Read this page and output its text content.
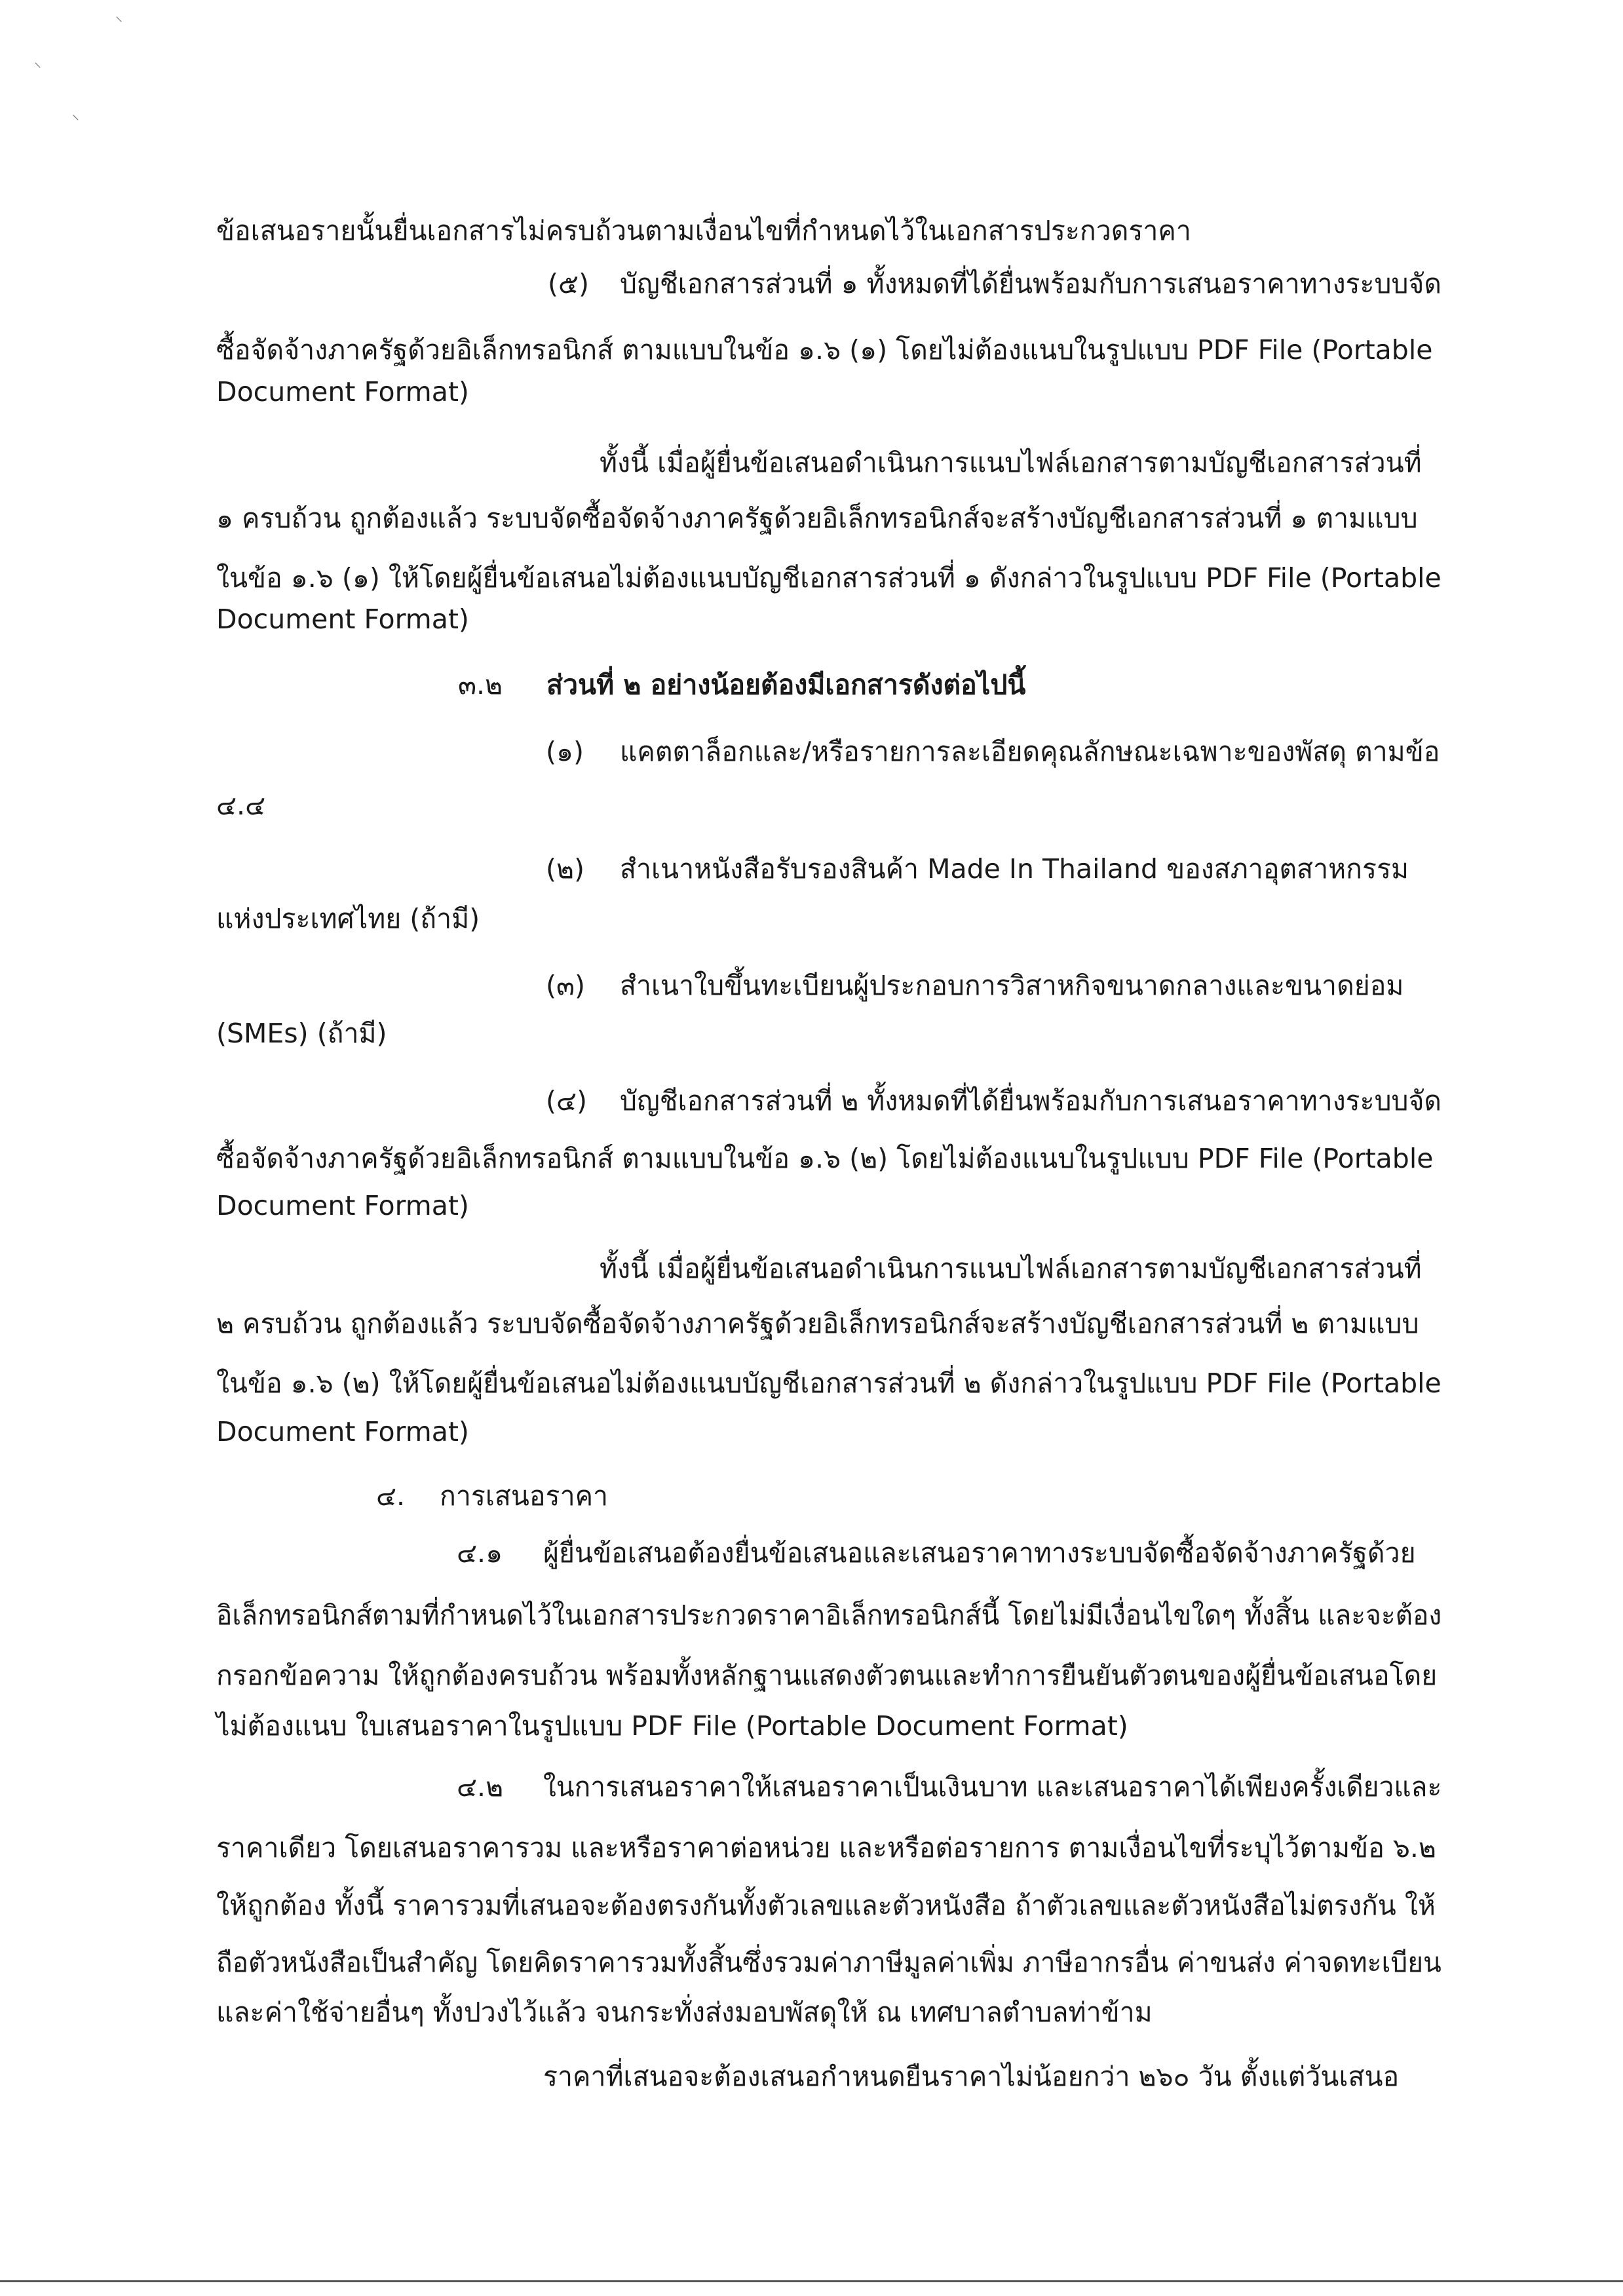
⸌
⸌
⸌
ข้อเสนอรายนั้นยื่นเอกสารไม่ครบถ้วนตามเงื่อนไขที่กำหนดไว้ในเอกสารประกวดราคา
(๕) บัญชีเอกสารส่วนที่ ๑ ทั้งหมดที่ได้ยื่นพร้อมกับการเสนอราคาทางระบบจัด
ซื้อจัดจ้างภาครัฐด้วยอิเล็กทรอนิกส์ ตามแบบในข้อ ๑.๖ (๑) โดยไม่ต้องแนบในรูปแบบ PDF File (Portable
Document Format)
ทั้งนี้ เมื่อผู้ยื่นข้อเสนอดำเนินการแนบไฟล์เอกสารตามบัญชีเอกสารส่วนที่
๑ ครบถ้วน ถูกต้องแล้ว ระบบจัดซื้อจัดจ้างภาครัฐด้วยอิเล็กทรอนิกส์จะสร้างบัญชีเอกสารส่วนที่ ๑ ตามแบบ
ในข้อ ๑.๖ (๑) ให้โดยผู้ยื่นข้อเสนอไม่ต้องแนบบัญชีเอกสารส่วนที่ ๑ ดังกล่าวในรูปแบบ PDF File (Portable
Document Format)
๓.๒ ส่วนที่ ๒ อย่างน้อยต้องมีเอกสารดังต่อไปนี้
(๑) แคตตาล็อกและ/หรือรายการละเอียดคุณลักษณะเฉพาะของพัสดุ ตามข้อ
๔.๔
(๒) สำเนาหนังสือรับรองสินค้า Made In Thailand ของสภาอุตสาหกรรม
แห่งประเทศไทย (ถ้ามี)
(๓) สำเนาใบขึ้นทะเบียนผู้ประกอบการวิสาหกิจขนาดกลางและขนาดย่อม
(SMEs) (ถ้ามี)
(๔) บัญชีเอกสารส่วนที่ ๒ ทั้งหมดที่ได้ยื่นพร้อมกับการเสนอราคาทางระบบจัด
ซื้อจัดจ้างภาครัฐด้วยอิเล็กทรอนิกส์ ตามแบบในข้อ ๑.๖ (๒) โดยไม่ต้องแนบในรูปแบบ PDF File (Portable
Document Format)
ทั้งนี้ เมื่อผู้ยื่นข้อเสนอดำเนินการแนบไฟล์เอกสารตามบัญชีเอกสารส่วนที่
๒ ครบถ้วน ถูกต้องแล้ว ระบบจัดซื้อจัดจ้างภาครัฐด้วยอิเล็กทรอนิกส์จะสร้างบัญชีเอกสารส่วนที่ ๒ ตามแบบ
ในข้อ ๑.๖ (๒) ให้โดยผู้ยื่นข้อเสนอไม่ต้องแนบบัญชีเอกสารส่วนที่ ๒ ดังกล่าวในรูปแบบ PDF File (Portable
Document Format)
๔. การเสนอราคา
๔.๑ ผู้ยื่นข้อเสนอต้องยื่นข้อเสนอและเสนอราคาทางระบบจัดซื้อจัดจ้างภาครัฐด้วย
อิเล็กทรอนิกส์ตามที่กำหนดไว้ในเอกสารประกวดราคาอิเล็กทรอนิกส์นี้ โดยไม่มีเงื่อนไขใดๆ ทั้งสิ้น และจะต้อง
กรอกข้อความ ให้ถูกต้องครบถ้วน พร้อมทั้งหลักฐานแสดงตัวตนและทำการยืนยันตัวตนของผู้ยื่นข้อเสนอโดย
ไม่ต้องแนบ ใบเสนอราคาในรูปแบบ PDF File (Portable Document Format)
๔.๒ ในการเสนอราคาให้เสนอราคาเป็นเงินบาท และเสนอราคาได้เพียงครั้งเดียวและ
ราคาเดียว โดยเสนอราคารวม และหรือราคาต่อหน่วย และหรือต่อรายการ ตามเงื่อนไขที่ระบุไว้ตามข้อ ๖.๒
ให้ถูกต้อง ทั้งนี้ ราคารวมที่เสนอจะต้องตรงกันทั้งตัวเลขและตัวหนังสือ ถ้าตัวเลขและตัวหนังสือไม่ตรงกัน ให้
ถือตัวหนังสือเป็นสำคัญ โดยคิดราคารวมทั้งสิ้นซึ่งรวมค่าภาษีมูลค่าเพิ่ม ภาษีอากรอื่น ค่าขนส่ง ค่าจดทะเบียน
และค่าใช้จ่ายอื่นๆ ทั้งปวงไว้แล้ว จนกระทั่งส่งมอบพัสดุให้ ณ เทศบาลตำบลท่าข้าม
ราคาที่เสนอจะต้องเสนอกำหนดยืนราคาไม่น้อยกว่า ๒๖๐ วัน ตั้งแต่วันเสนอ
